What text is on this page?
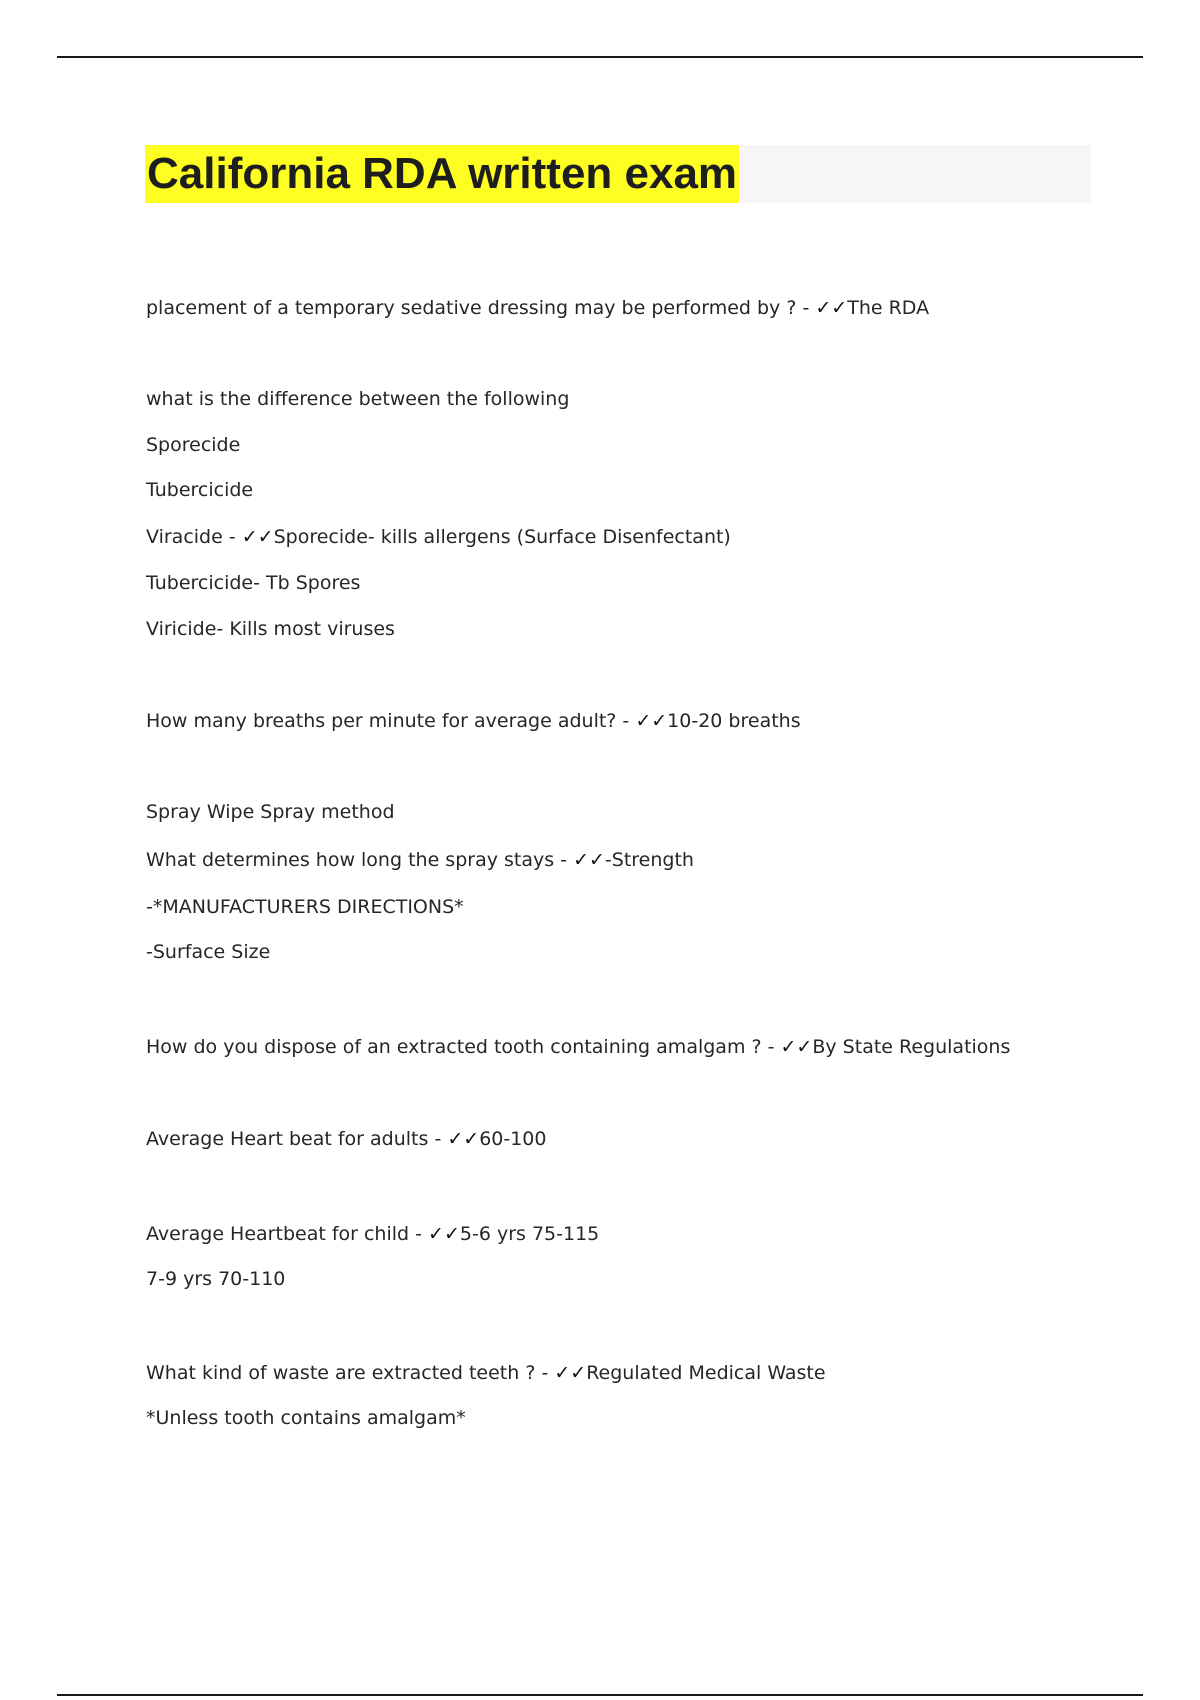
California RDA written exam

placement of a temporary sedative dressing may be performed by ? - ✓✓The RDA

what is the difference between the following

Sporecide

Tubercicide

Viracide - ✓✓Sporecide- kills allergens (Surface Disenfectant)

Tubercicide- Tb Spores

Viricide- Kills most viruses

How many breaths per minute for average adult? - ✓✓10-20 breaths

Spray Wipe Spray method

What determines how long the spray stays - ✓✓-Strength

-*MANUFACTURERS DIRECTIONS*

-Surface Size

How do you dispose of an extracted tooth containing amalgam ? - ✓✓By State Regulations

Average Heart beat for adults - ✓✓60-100

Average Heartbeat for child - ✓✓5-6 yrs 75-115

7-9 yrs 70-110

What kind of waste are extracted teeth ? - ✓✓Regulated Medical Waste

*Unless tooth contains amalgam*
